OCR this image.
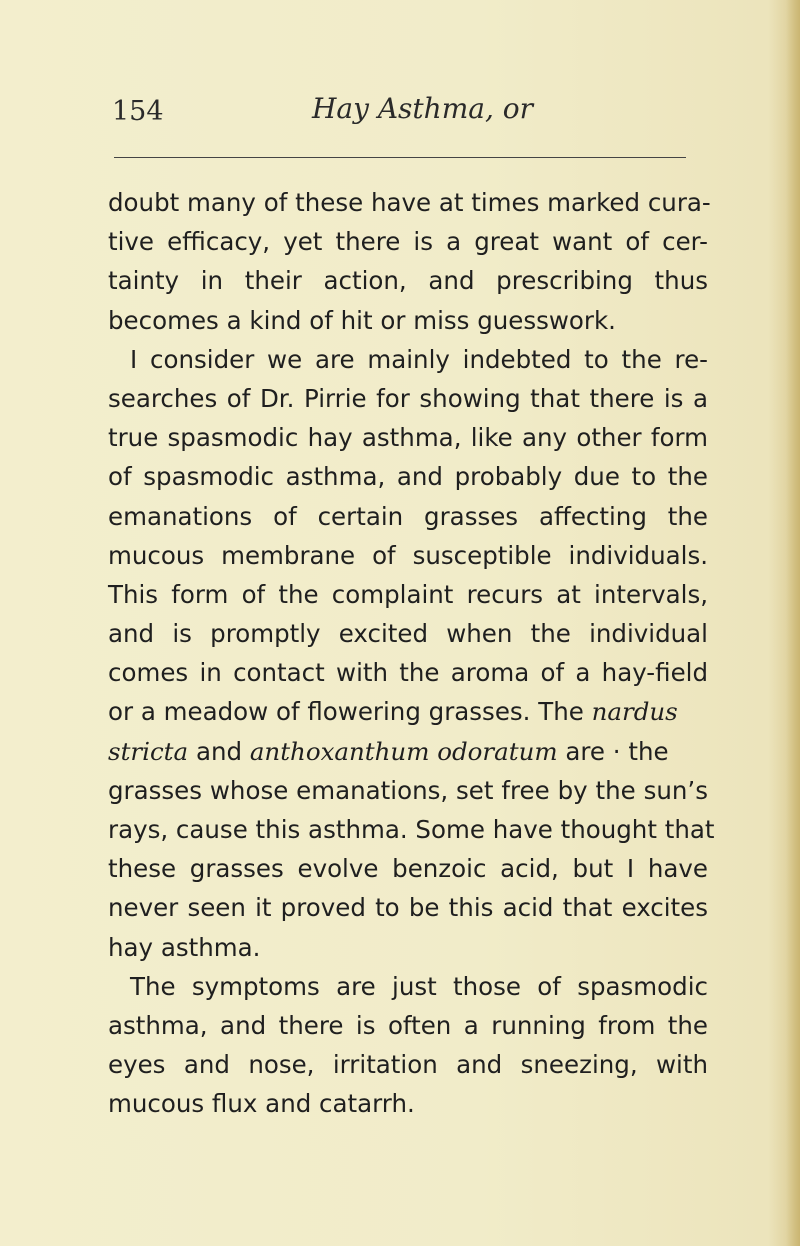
154	Hay Asthma, or
doubt many of these have at times marked cura-
tive efficacy, yet there is a great want of cer-
tainty in their action, and prescribing thus
becomes a kind of hit or miss guesswork.
I consider we are mainly indebted to the re-
searches of Dr. Pirrie for showing that there is a
true spasmodic hay asthma, like any other form
of spasmodic asthma, and probably due to the
emanations of certain grasses affecting the
mucous membrane of susceptible individuals.
This form of the complaint recurs at intervals,
and is promptly excited when the individual
comes in contact with the aroma of a hay-field
or a meadow of flowering grasses. The nardus
stricta and anthoxanthum odoratum are · the
grasses whose emanations, set free by the sun’s
rays, cause this asthma. Some have thought that
these grasses evolve benzoic acid, but I have
never seen it proved to be this acid that excites
hay asthma.
The symptoms are just those of spasmodic
asthma, and there is often a running from the
eyes and nose, irritation and sneezing, with
mucous flux and catarrh.
